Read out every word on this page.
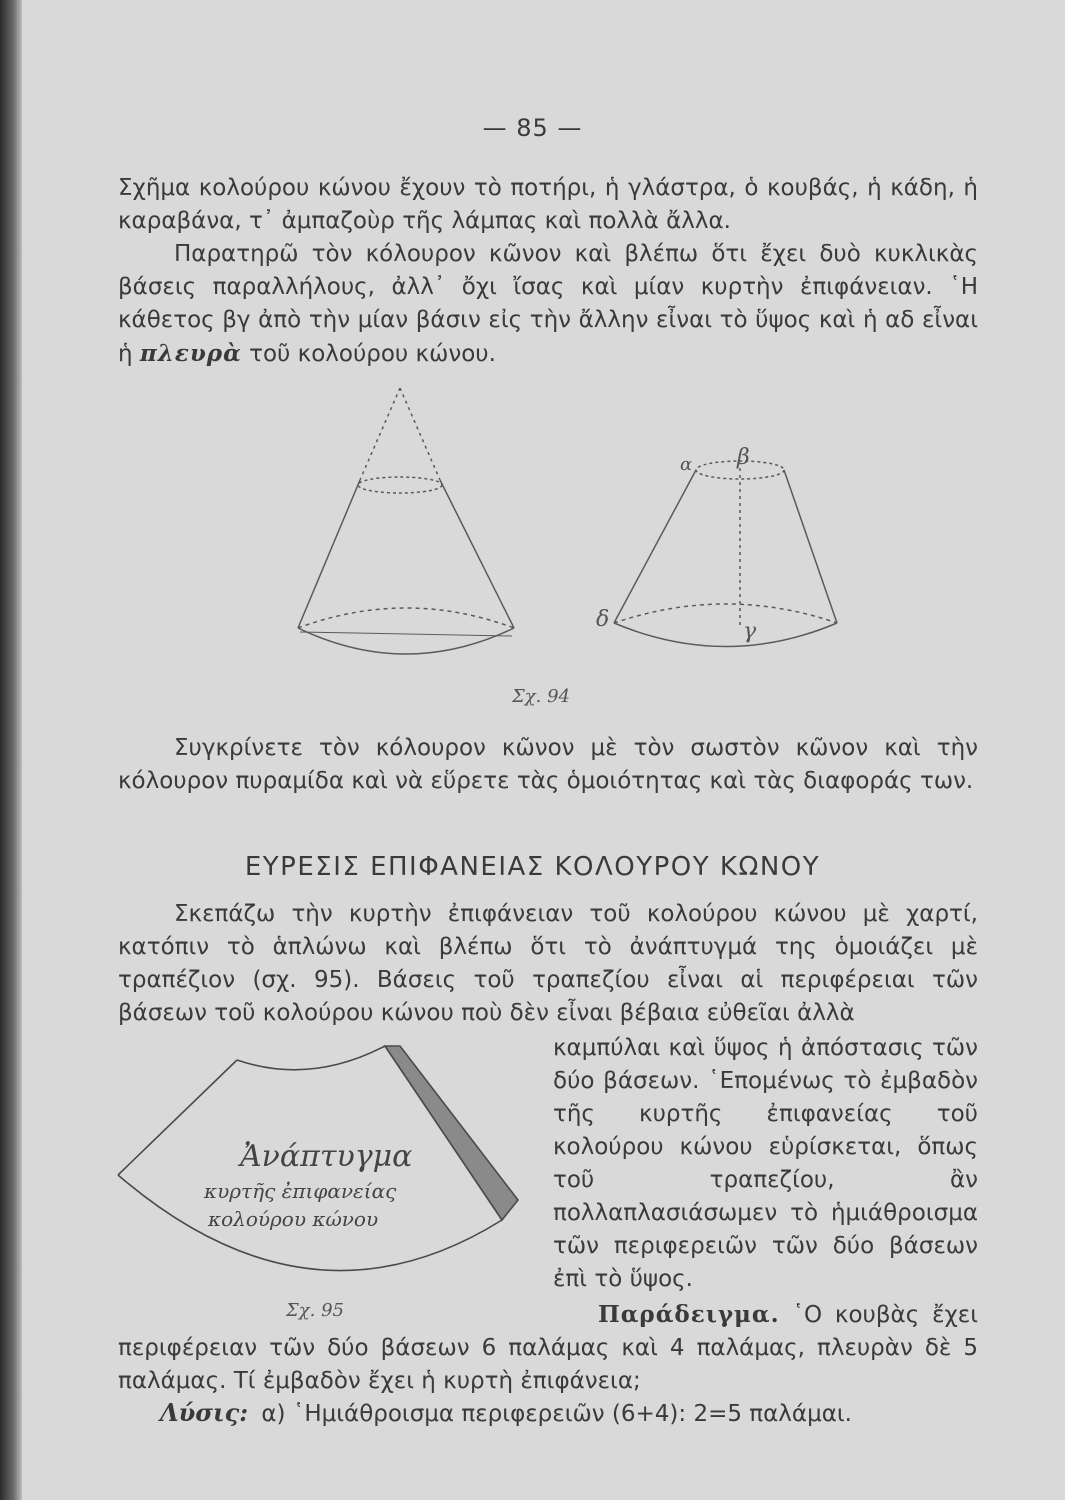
— 85 —
Σχῆμα κολούρου κώνου ἔχουν τὸ ποτήρι, ἡ γλάστρα, ὁ κουβάς, ἡ κάδη, ἡ καραβάνα, τ᾽ ἀμπαζοὺρ τῆς λάμπας καὶ πολλὰ ἄλλα.
Παρατηρῶ τὸν κόλουρον κῶνον καὶ βλέπω ὅτι ἔχει δυὸ κυκλικὰς βάσεις παραλλήλους, ἀλλ᾽ ὄχι ἴσας καὶ μίαν κυρτὴν ἐπιφάνειαν. ῾Η κάθετος βγ ἀπὸ τὴν μίαν βάσιν εἰς τὴν ἄλλην εἶναι τὸ ὕψος καὶ ἡ αδ εἶναι ἡ πλευρὰ τοῦ κολούρου κώνου.
α β
δ	γ
Σχ. 94
Συγκρίνετε τὸν κόλουρον κῶνον μὲ τὸν σωστὸν κῶνον καὶ τὴν κόλουρον πυραμίδα καὶ νὰ εὕρετε τὰς ὁμοιότητας καὶ τὰς διαφοράς των.
ΕΥΡΕΣΙΣ ΕΠΙΦΑΝΕΙΑΣ ΚΟΛΟΥΡΟΥ ΚΩΝΟΥ
Σκεπάζω τὴν κυρτὴν ἐπιφάνειαν τοῦ κολούρου κώνου μὲ χαρτί, κατόπιν τὸ ἁπλώνω καὶ βλέπω ὅτι τὸ ἀνάπτυγμά της ὁμοιάζει μὲ τραπέζιον (σχ. 95). Βάσεις τοῦ τραπεζίου εἶναι αἱ περιφέρειαι τῶν βάσεων τοῦ κολούρου κώνου ποὺ δὲν εἶναι βέβαια εὐθεῖαι ἀλλὰ
καμπύλαι καὶ ὕψος ἡ ἀπόστασις τῶν δύο βάσεων. ῾Επομένως τὸ ἐμβαδὸν τῆς κυρτῆς ἐπιφανείας τοῦ κολούρου κώνου εὑρίσκεται, ὅπως τοῦ τραπεζίου, ἂν πολλαπλασιάσωμεν τὸ ἡμιάθροισμα τῶν περιφερειῶν τῶν δύο βάσεων ἐπὶ τὸ ὕψος.
Ἀνάπτυγμα
κυρτῆς ἐπιφανείας
κολούρου κώνου
Σχ. 95	Παράδειγμα. ῾Ο κουβὰς ἔχει περιφέρειαν τῶν δύο βάσεων 6 παλάμας καὶ 4 παλάμας, πλευρὰν δὲ 5 παλάμας. Τί ἐμβαδὸν ἔχει ἡ κυρτὴ ἐπιφάνεια;
Λύσις: α) ῾Ημιάθροισμα περιφερειῶν (6+4): 2=5 παλάμαι.
